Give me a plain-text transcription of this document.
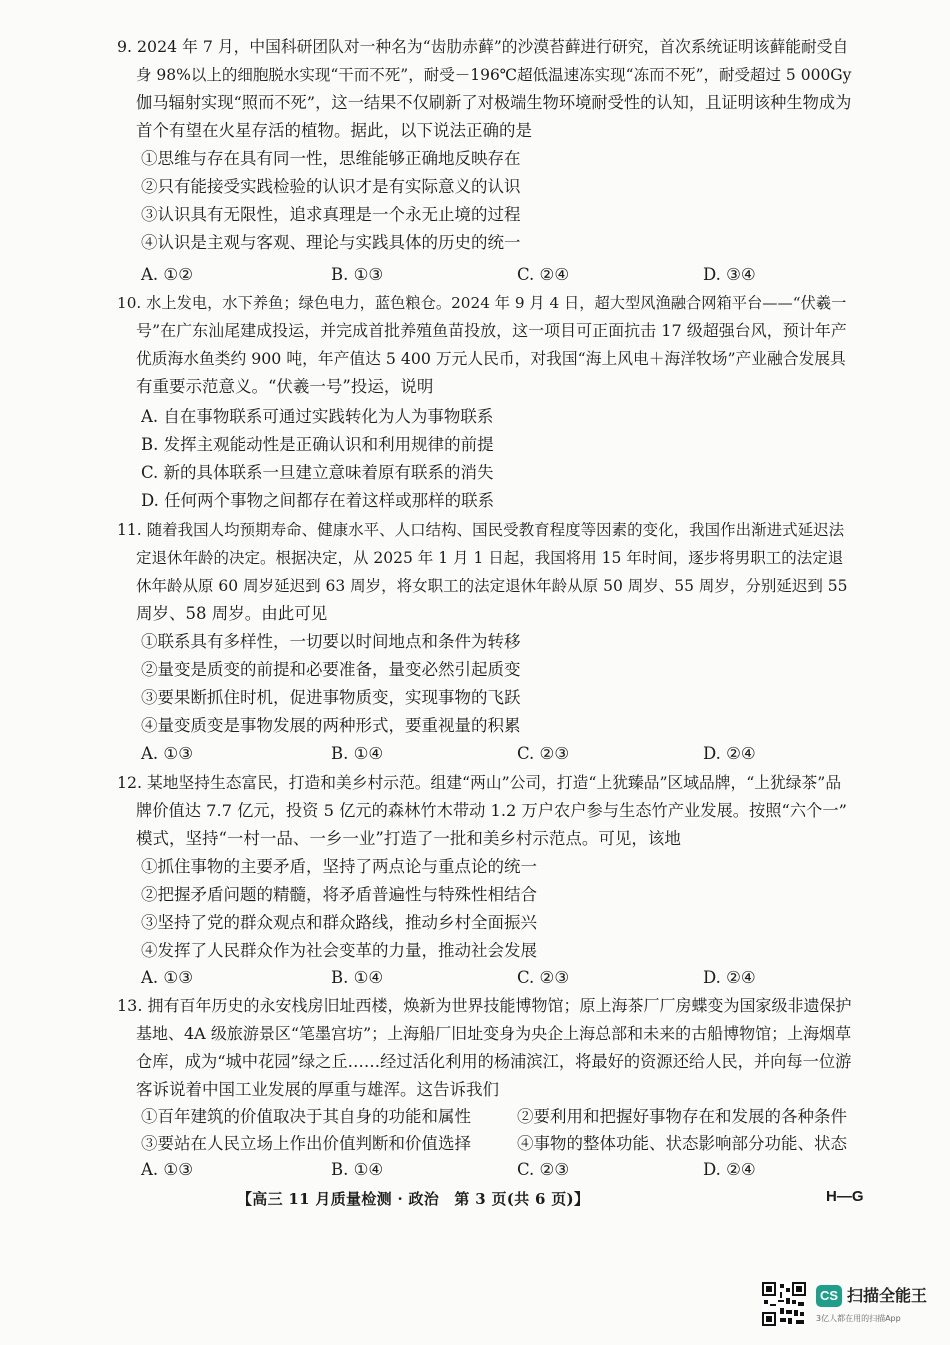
9. 2024 年 7 月，中国科研团队对一种名为“齿肋赤藓”的沙漠苔藓进行研究，首次系统证明该藓能耐受自
身 98%以上的细胞脱水实现“干而不死”，耐受－196℃超低温速冻实现“冻而不死”，耐受超过 5 000Gy
伽马辐射实现“照而不死”，这一结果不仅刷新了对极端生物环境耐受性的认知，且证明该种生物成为
首个有望在火星存活的植物。据此，以下说法正确的是
①思维与存在具有同一性，思维能够正确地反映存在
②只有能接受实践检验的认识才是有实际意义的认识
③认识具有无限性，追求真理是一个永无止境的过程
④认识是主观与客观、理论与实践具体的历史的统一
A. ①②	B. ①③	C. ②④	D. ③④
10. 水上发电，水下养鱼；绿色电力，蓝色粮仓。2024 年 9 月 4 日，超大型风渔融合网箱平台——“伏羲一
号”在广东汕尾建成投运，并完成首批养殖鱼苗投放，这一项目可正面抗击 17 级超强台风，预计年产
优质海水鱼类约 900 吨，年产值达 5 400 万元人民币，对我国“海上风电＋海洋牧场”产业融合发展具
有重要示范意义。“伏羲一号”投运，说明
A. 自在事物联系可通过实践转化为人为事物联系
B. 发挥主观能动性是正确认识和利用规律的前提
C. 新的具体联系一旦建立意味着原有联系的消失
D. 任何两个事物之间都存在着这样或那样的联系
11. 随着我国人均预期寿命、健康水平、人口结构、国民受教育程度等因素的变化，我国作出渐进式延迟法
定退休年龄的决定。根据决定，从 2025 年 1 月 1 日起，我国将用 15 年时间，逐步将男职工的法定退
休年龄从原 60 周岁延迟到 63 周岁，将女职工的法定退休年龄从原 50 周岁、55 周岁，分别延迟到 55
周岁、58 周岁。由此可见
①联系具有多样性，一切要以时间地点和条件为转移
②量变是质变的前提和必要准备，量变必然引起质变
③要果断抓住时机，促进事物质变，实现事物的飞跃
④量变质变是事物发展的两种形式，要重视量的积累
A. ①③	B. ①④	C. ②③	D. ②④
12. 某地坚持生态富民，打造和美乡村示范。组建“两山”公司，打造“上犹臻品”区域品牌，“上犹绿茶”品
牌价值达 7.7 亿元，投资 5 亿元的森林竹木带动 1.2 万户农户参与生态竹产业发展。按照“六个一”
模式，坚持“一村一品、一乡一业”打造了一批和美乡村示范点。可见，该地
①抓住事物的主要矛盾，坚持了两点论与重点论的统一
②把握矛盾问题的精髓，将矛盾普遍性与特殊性相结合
③坚持了党的群众观点和群众路线，推动乡村全面振兴
④发挥了人民群众作为社会变革的力量，推动社会发展
A. ①③	B. ①④	C. ②③	D. ②④
13. 拥有百年历史的永安栈房旧址西楼，焕新为世界技能博物馆；原上海茶厂厂房蝶变为国家级非遗保护
基地、4A 级旅游景区“笔墨宫坊”；上海船厂旧址变身为央企上海总部和未来的古船博物馆；上海烟草
仓库，成为“城中花园”绿之丘……经过活化利用的杨浦滨江，将最好的资源还给人民，并向每一位游
客诉说着中国工业发展的厚重与雄浑。这告诉我们
①百年建筑的价值取决于其自身的功能和属性	②要利用和把握好事物存在和发展的各种条件
③要站在人民立场上作出价值判断和价值选择	④事物的整体功能、状态影响部分功能、状态
A. ①③	B. ①④	C. ②③	D. ②④
【高三 11 月质量检测 · 政治　第 3 页(共 6 页)】	H—G
CS 扫描全能王
3亿人都在用的扫描App
